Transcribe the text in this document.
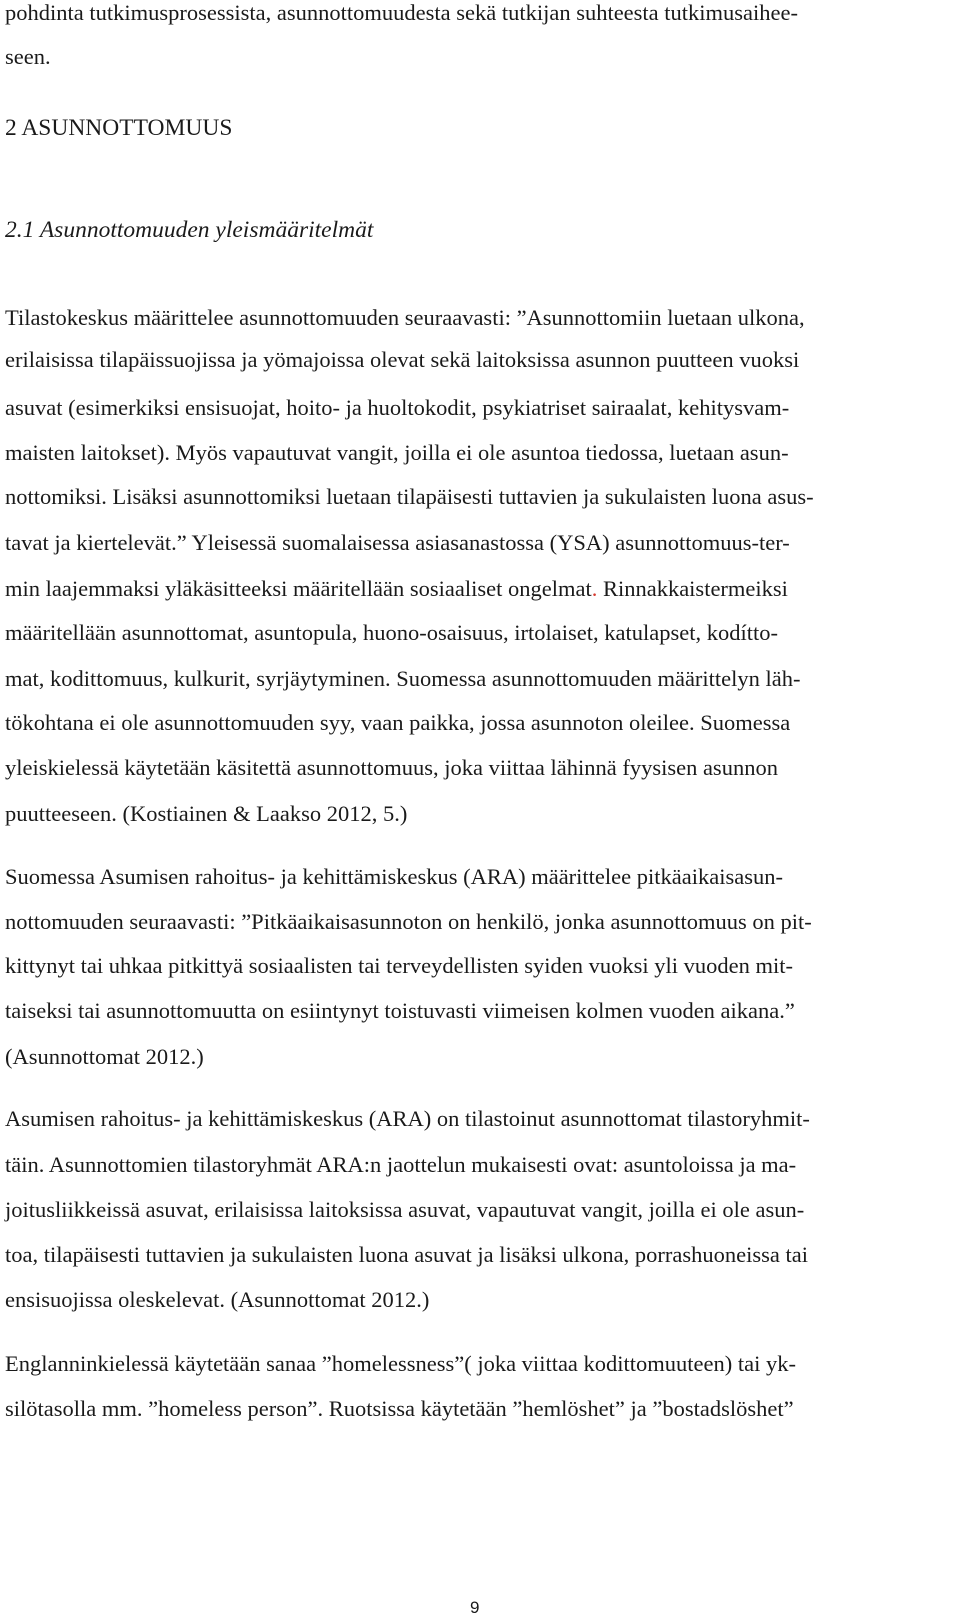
pohdinta tutkimusprosessista, asunnottomuudesta sekä tutkijan suhteesta tutkimusaihee-
seen.
2 ASUNNOTTOMUUS
2.1 Asunnottomuuden yleismääritelmät
Tilastokeskus määrittelee asunnottomuuden seuraavasti: ”Asunnottomiin luetaan ulkona,
erilaisissa tilapäissuojissa ja yömajoissa olevat sekä laitoksissa asunnon puutteen vuoksi
asuvat (esimerkiksi ensisuojat, hoito- ja huoltokodit, psykiatriset sairaalat, kehitysvam-
maisten laitokset). Myös vapautuvat vangit, joilla ei ole asuntoa tiedossa, luetaan asun-
nottomiksi. Lisäksi asunnottomiksi luetaan tilapäisesti tuttavien ja sukulaisten luona asus-
tavat ja kiertelevät.” Yleisessä suomalaisessa asiasanastossa (YSA) asunnottomuus-ter-
min laajemmaksi yläkäsitteeksi määritellään sosiaaliset ongelmat. Rinnakkaistermeiksi
määritellään asunnottomat, asuntopula, huono-osaisuus, irtolaiset, katulapset, kodítto-
mat, kodittomuus, kulkurit, syrjäytyminen. Suomessa asunnottomuuden määrittelyn läh-
tökohtana ei ole asunnottomuuden syy, vaan paikka, jossa asunnoton oleilee. Suomessa
yleiskielessä käytetään käsitettä asunnottomuus, joka viittaa lähinnä fyysisen asunnon
puutteeseen. (Kostiainen & Laakso 2012, 5.)
Suomessa Asumisen rahoitus- ja kehittämiskeskus (ARA) määrittelee pitkäaikaisasun-
nottomuuden seuraavasti: ”Pitkäaikaisasunnoton on henkilö, jonka asunnottomuus on pit-
kittynyt tai uhkaa pitkittyä sosiaalisten tai terveydellisten syiden vuoksi yli vuoden mit-
taiseksi tai asunnottomuutta on esiintynyt toistuvasti viimeisen kolmen vuoden aikana.”
(Asunnottomat 2012.)
Asumisen rahoitus- ja kehittämiskeskus (ARA) on tilastoinut asunnottomat tilastoryhmit-
täin. Asunnottomien tilastoryhmät ARA:n jaottelun mukaisesti ovat: asuntoloissa ja ma-
joitusliikkeissä asuvat, erilaisissa laitoksissa asuvat, vapautuvat vangit, joilla ei ole asun-
toa, tilapäisesti tuttavien ja sukulaisten luona asuvat ja lisäksi ulkona, porrashuoneissa tai
ensisuojissa oleskelevat. (Asunnottomat 2012.)
Englanninkielessä käytetään sanaa ”homelessness”( joka viittaa kodittomuuteen) tai yk-
silötasolla mm. ”homeless person”. Ruotsissa käytetään ”hemlöshet” ja ”bostadslöshet”
9
